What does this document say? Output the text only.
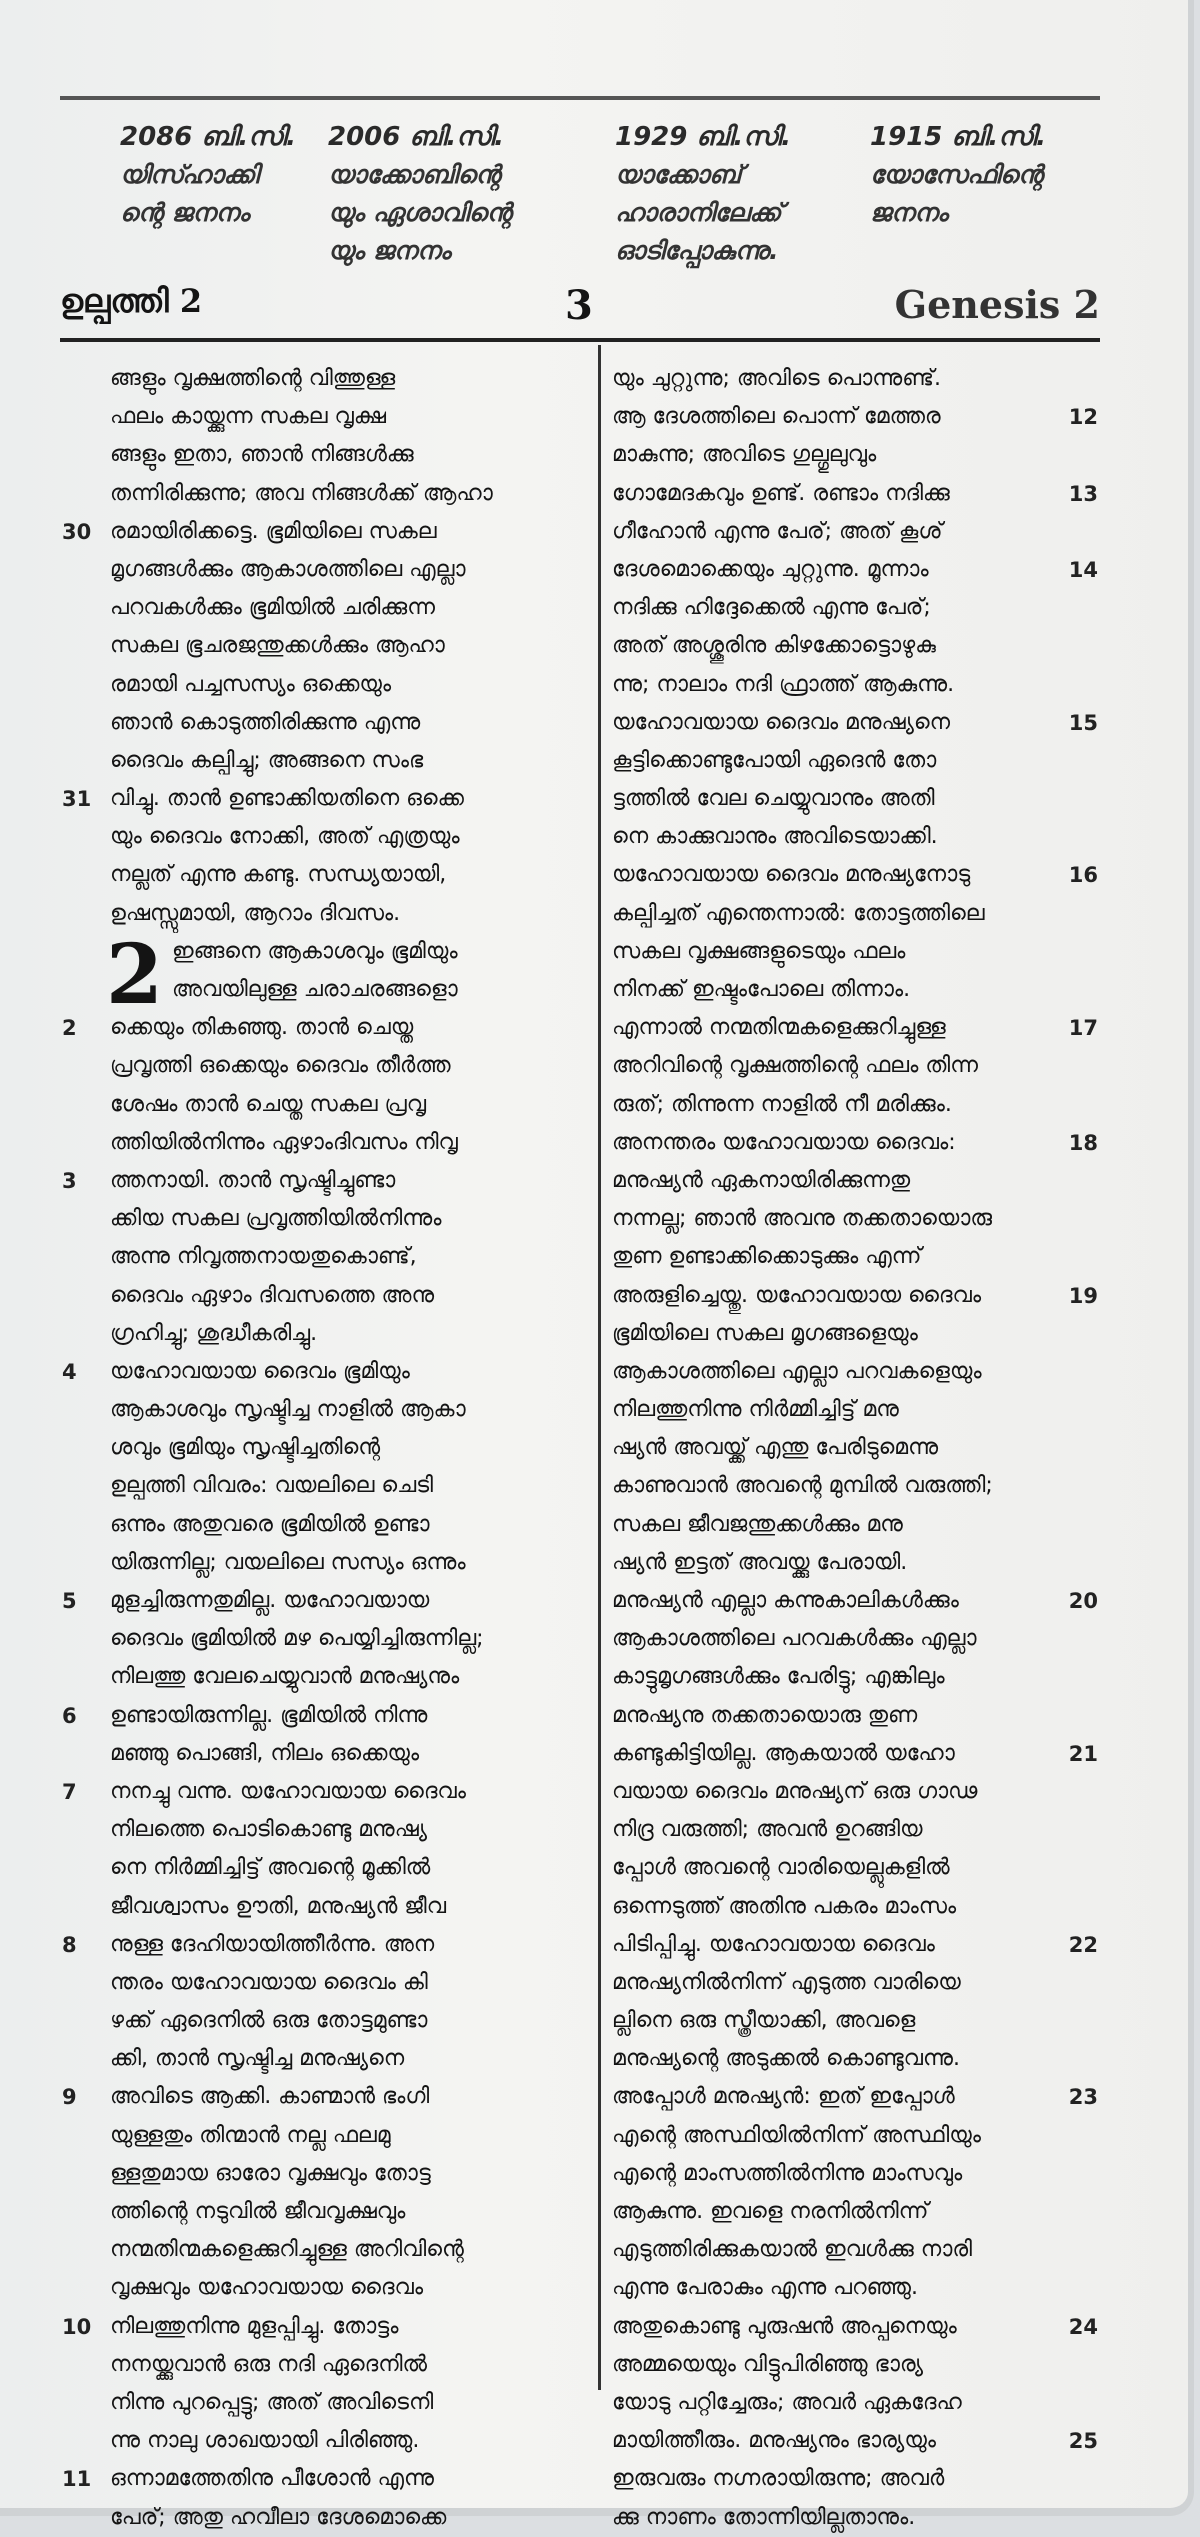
2086 ബി.സി.
യിസ്ഹാക്കി
ന്റെ ജനനം
2006 ബി.സി.
യാക്കോബിന്റെ
യും ഏശാവിന്റെ
യും ജനനം
1929 ബി.സി.
യാക്കോബ്
ഹാരാനിലേക്ക്
ഓടിപ്പോകുന്നു.
1915 ബി.സി.
യോസേഫിന്റെ
ജനനം
ഉല്പത്തി 2	3	Genesis 2
ങ്ങളും വൃക്ഷത്തിന്റെ വിത്തുള്ള
ഫലം കായ്ക്കുന്ന സകല വൃക്ഷ
ങ്ങളും ഇതാ, ഞാൻ നിങ്ങൾക്കു
തന്നിരിക്കുന്നു; അവ നിങ്ങൾക്ക് ആഹാ
രമായിരിക്കട്ടെ. ഭൂമിയിലെ സകല
30
മൃഗങ്ങൾക്കും ആകാശത്തിലെ എല്ലാ
പറവകൾക്കും ഭൂമിയിൽ ചരിക്കുന്ന
സകല ഭൂചരജന്തുക്കൾക്കും ആഹാ
രമായി പച്ചസസ്യം ഒക്കെയും
ഞാൻ കൊടുത്തിരിക്കുന്നു എന്നു
ദൈവം കല്പിച്ചു; അങ്ങനെ സംഭ
വിച്ചു. താൻ ഉണ്ടാക്കിയതിനെ ഒക്കെ
31
യും ദൈവം നോക്കി, അത് എത്രയും
നല്ലത് എന്നു കണ്ടു. സന്ധ്യയായി,
ഉഷസ്സുമായി, ആറാം ദിവസം.
2 ഇങ്ങനെ ആകാശവും ഭൂമിയും
അവയിലുള്ള ചരാചരങ്ങളൊ
ക്കെയും തികഞ്ഞു. താൻ ചെയ്ത
2
പ്രവൃത്തി ഒക്കെയും ദൈവം തീർത്ത
ശേഷം താൻ ചെയ്ത സകല പ്രവൃ
ത്തിയിൽനിന്നും ഏഴാംദിവസം നിവൃ
ത്തനായി. താൻ സൃഷ്ടിച്ചുണ്ടാ
3
ക്കിയ സകല പ്രവൃത്തിയിൽനിന്നും
അന്നു നിവൃത്തനായതുകൊണ്ട്,
ദൈവം ഏഴാം ദിവസത്തെ അനു
ഗ്രഹിച്ചു; ശുദ്ധീകരിച്ചു.
യഹോവയായ ദൈവം ഭൂമിയും
4
ആകാശവും സൃഷ്ടിച്ച നാളിൽ ആകാ
ശവും ഭൂമിയും സൃഷ്ടിച്ചതിന്റെ
ഉല്പത്തി വിവരം: വയലിലെ ചെടി
ഒന്നും അതുവരെ ഭൂമിയിൽ ഉണ്ടാ
യിരുന്നില്ല; വയലിലെ സസ്യം ഒന്നും
മുളച്ചിരുന്നതുമില്ല. യഹോവയായ
5
ദൈവം ഭൂമിയിൽ മഴ പെയ്യിച്ചിരുന്നില്ല;
നിലത്തു വേലചെയ്യുവാൻ മനുഷ്യനും
ഉണ്ടായിരുന്നില്ല. ഭൂമിയിൽ നിന്നു
6
മഞ്ഞു പൊങ്ങി, നിലം ഒക്കെയും
നനച്ചു വന്നു. യഹോവയായ ദൈവം
7
നിലത്തെ പൊടികൊണ്ടു മനുഷ്യ
നെ നിർമ്മിച്ചിട്ട് അവന്റെ മൂക്കിൽ
ജീവശ്വാസം ഊതി, മനുഷ്യൻ ജീവ
നുള്ള ദേഹിയായിത്തീർന്നു. അന
8
ന്തരം യഹോവയായ ദൈവം കി
ഴക്ക് ഏദെനിൽ ഒരു തോട്ടമുണ്ടാ
ക്കി, താൻ സൃഷ്ടിച്ച മനുഷ്യനെ
അവിടെ ആക്കി. കാണ്മാൻ ഭംഗി
9
യുള്ളതും തിന്മാൻ നല്ല ഫലമു
ള്ളതുമായ ഓരോ വൃക്ഷവും തോട്ട
ത്തിന്റെ നടുവിൽ ജീവവൃക്ഷവും
നന്മതിന്മകളെക്കുറിച്ചുള്ള അറിവിന്റെ
വൃക്ഷവും യഹോവയായ ദൈവം
നിലത്തുനിന്നു മുളപ്പിച്ചു. തോട്ടം
10
നനയ്ക്കുവാൻ ഒരു നദി ഏദെനിൽ
നിന്നു പുറപ്പെട്ടു; അത് അവിടെനി
ന്നു നാലു ശാഖയായി പിരിഞ്ഞു.
ഒന്നാമത്തേതിനു പീശോൻ എന്നു
11
പേര്; അതു ഹവീലാ ദേശമൊക്കെ
യും ചുറ്റുന്നു; അവിടെ പൊന്നുണ്ട്.
ആ ദേശത്തിലെ പൊന്ന് മേത്തര	12
മാകുന്നു; അവിടെ ഗുല്ഗുലുവും
ഗോമേദകവും ഉണ്ട്. രണ്ടാം നദിക്കു	13
ഗീഹോൻ എന്നു പേര്; അത് കൂശ്
ദേശമൊക്കെയും ചുറ്റുന്നു. മൂന്നാം	14
നദിക്കു ഹിദ്ദേക്കെൽ എന്നു പേര്;
അത് അശ്ശൂരിനു കിഴക്കോട്ടൊഴുകു
ന്നു; നാലാം നദി ഫ്രാത്ത് ആകുന്നു.
യഹോവയായ ദൈവം മനുഷ്യനെ	15
കൂട്ടിക്കൊണ്ടുപോയി ഏദെൻ തോ
ട്ടത്തിൽ വേല ചെയ്യുവാനും അതി
നെ കാക്കുവാനും അവിടെയാക്കി.
യഹോവയായ ദൈവം മനുഷ്യനോടു	16
കല്പിച്ചത് എന്തെന്നാൽ: തോട്ടത്തിലെ
സകല വൃക്ഷങ്ങളുടെയും ഫലം
നിനക്ക് ഇഷ്ടംപോലെ തിന്നാം.
എന്നാൽ നന്മതിന്മകളെക്കുറിച്ചുള്ള	17
അറിവിന്റെ വൃക്ഷത്തിന്റെ ഫലം തിന്ന
രുത്; തിന്നുന്ന നാളിൽ നീ മരിക്കും.
അനന്തരം യഹോവയായ ദൈവം:	18
മനുഷ്യൻ ഏകനായിരിക്കുന്നതു
നന്നല്ല; ഞാൻ അവനു തക്കതായൊരു
തുണ ഉണ്ടാക്കിക്കൊടുക്കും എന്ന്
അരുളിച്ചെയ്തു. യഹോവയായ ദൈവം	19
ഭൂമിയിലെ സകല മൃഗങ്ങളെയും
ആകാശത്തിലെ എല്ലാ പറവകളെയും
നിലത്തുനിന്നു നിർമ്മിച്ചിട്ട് മനു
ഷ്യൻ അവയ്ക്ക് എന്തു പേരിടുമെന്നു
കാണുവാൻ അവന്റെ മുമ്പിൽ വരുത്തി;
സകല ജീവജന്തുക്കൾക്കും മനു
ഷ്യൻ ഇട്ടത് അവയ്ക്കു പേരായി.
മനുഷ്യൻ എല്ലാ കന്നുകാലികൾക്കും	20
ആകാശത്തിലെ പറവകൾക്കും എല്ലാ
കാട്ടുമൃഗങ്ങൾക്കും പേരിട്ടു; എങ്കിലും
മനുഷ്യനു തക്കതായൊരു തുണ
കണ്ടുകിട്ടിയില്ല. ആകയാൽ യഹോ	21
വയായ ദൈവം മനുഷ്യന് ഒരു ഗാഢ
നിദ്ര വരുത്തി; അവൻ ഉറങ്ങിയ
പ്പോൾ അവന്റെ വാരിയെല്ലുകളിൽ
ഒന്നെടുത്ത് അതിനു പകരം മാംസം
പിടിപ്പിച്ചു. യഹോവയായ ദൈവം	22
മനുഷ്യനിൽനിന്ന് എടുത്ത വാരിയെ
ല്ലിനെ ഒരു സ്ത്രീയാക്കി, അവളെ
മനുഷ്യന്റെ അടുക്കൽ കൊണ്ടുവന്നു.
അപ്പോൾ മനുഷ്യൻ: ഇത് ഇപ്പോൾ	23
എന്റെ അസ്ഥിയിൽനിന്ന് അസ്ഥിയും
എന്റെ മാംസത്തിൽനിന്നു മാംസവും
ആകുന്നു. ഇവളെ നരനിൽനിന്ന്
എടുത്തിരിക്കുകയാൽ ഇവൾക്കു നാരി
എന്നു പേരാകും എന്നു പറഞ്ഞു.
അതുകൊണ്ടു പുരുഷൻ അപ്പനെയും	24
അമ്മയെയും വിട്ടുപിരിഞ്ഞു ഭാര്യ
യോടു പറ്റിച്ചേരും; അവർ ഏകദേഹ
മായിത്തീരും. മനുഷ്യനും ഭാര്യയും	25
ഇരുവരും നഗ്നരായിരുന്നു; അവർ
ക്കു നാണം തോന്നിയില്ലതാനും.
